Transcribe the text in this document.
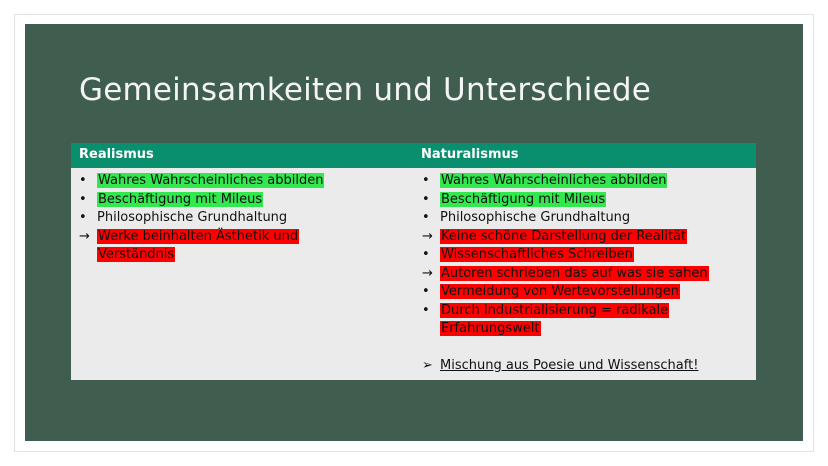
Gemeinsamkeiten und Unterschiede
Realismus	Naturalismus
• Wahres Wahrscheinliches abbilden
• Beschäftigung mit Mileus
• Philosophische Grundhaltung
→ Werke beinhalten Ästhetik und Verständnis
• Wahres Wahrscheinliches abbilden
• Beschäftigung mit Mileus
• Philosophische Grundhaltung
→ Keine schöne Darstellung der Realität
• Wissenschaftliches Schreiben
→ Autoren schrieben das auf was sie sahen
• Vermeidung von Wertevorstellungen
• Durch Industrialisierung = radikale Erfahrungswelt
➢ Mischung aus Poesie und Wissenschaft!
